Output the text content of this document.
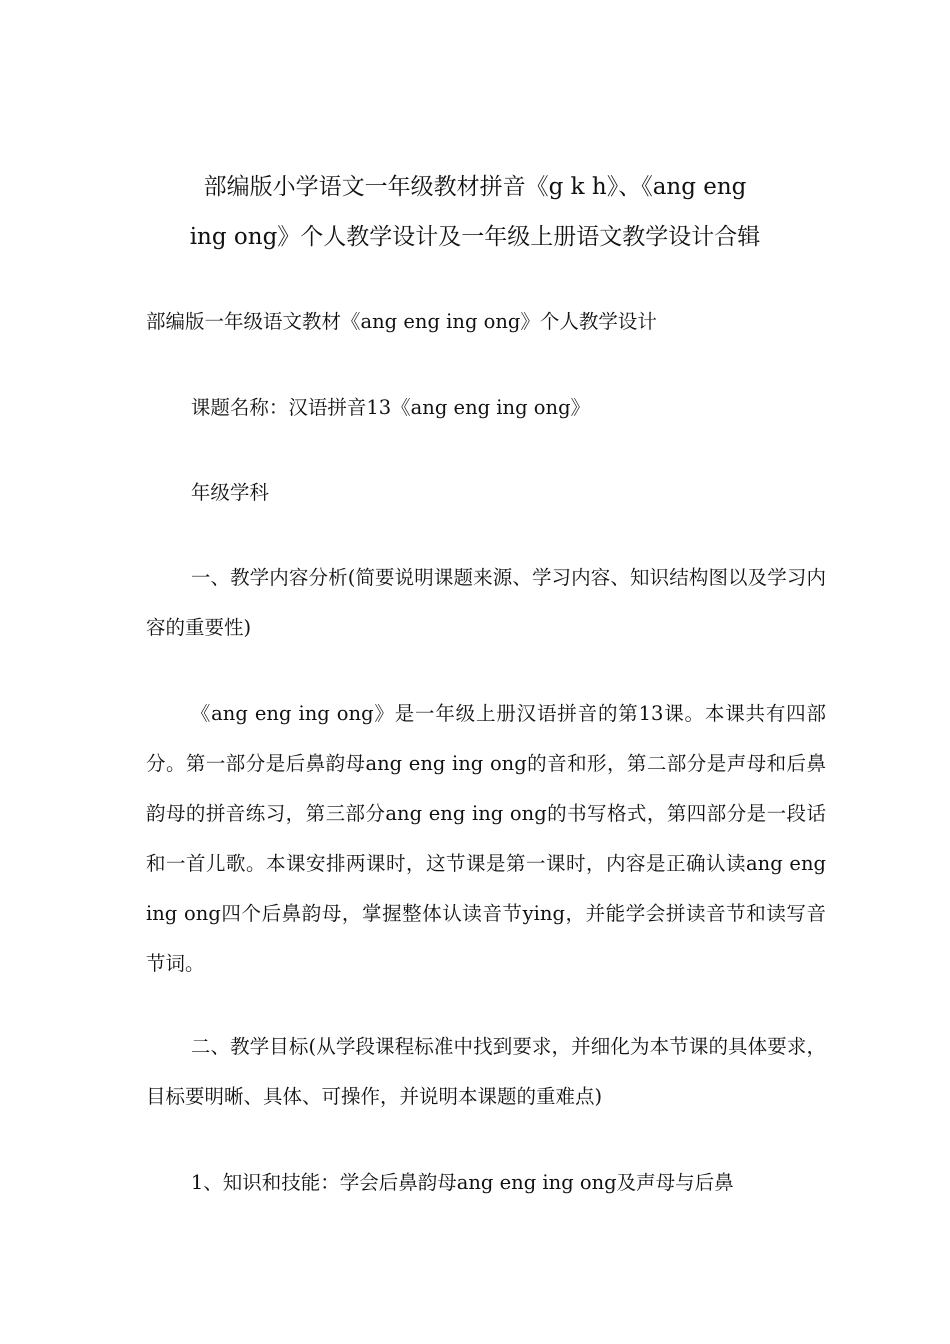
部编版小学语文一年级教材拼音《g k h》、《ang eng
ing ong》个人教学设计及一年级上册语文教学设计合辑

部编版一年级语文教材《ang eng ing ong》个人教学设计

课题名称：汉语拼音13《ang eng ing ong》

年级学科

一、教学内容分析(简要说明课题来源、学习内容、知识结构图以及学习内容的重要性)

《ang eng ing ong》是一年级上册汉语拼音的第13课。本课共有四部分。第一部分是后鼻韵母ang eng ing ong的音和形，第二部分是声母和后鼻韵母的拼音练习，第三部分ang eng ing ong的书写格式，第四部分是一段话和一首儿歌。本课安排两课时，这节课是第一课时，内容是正确认读ang eng ing ong四个后鼻韵母，掌握整体认读音节ying，并能学会拼读音节和读写音节词。

二、教学目标(从学段课程标准中找到要求，并细化为本节课的具体要求，目标要明晰、具体、可操作，并说明本课题的重难点)

1、知识和技能：学会后鼻韵母ang eng ing ong及声母与后鼻
